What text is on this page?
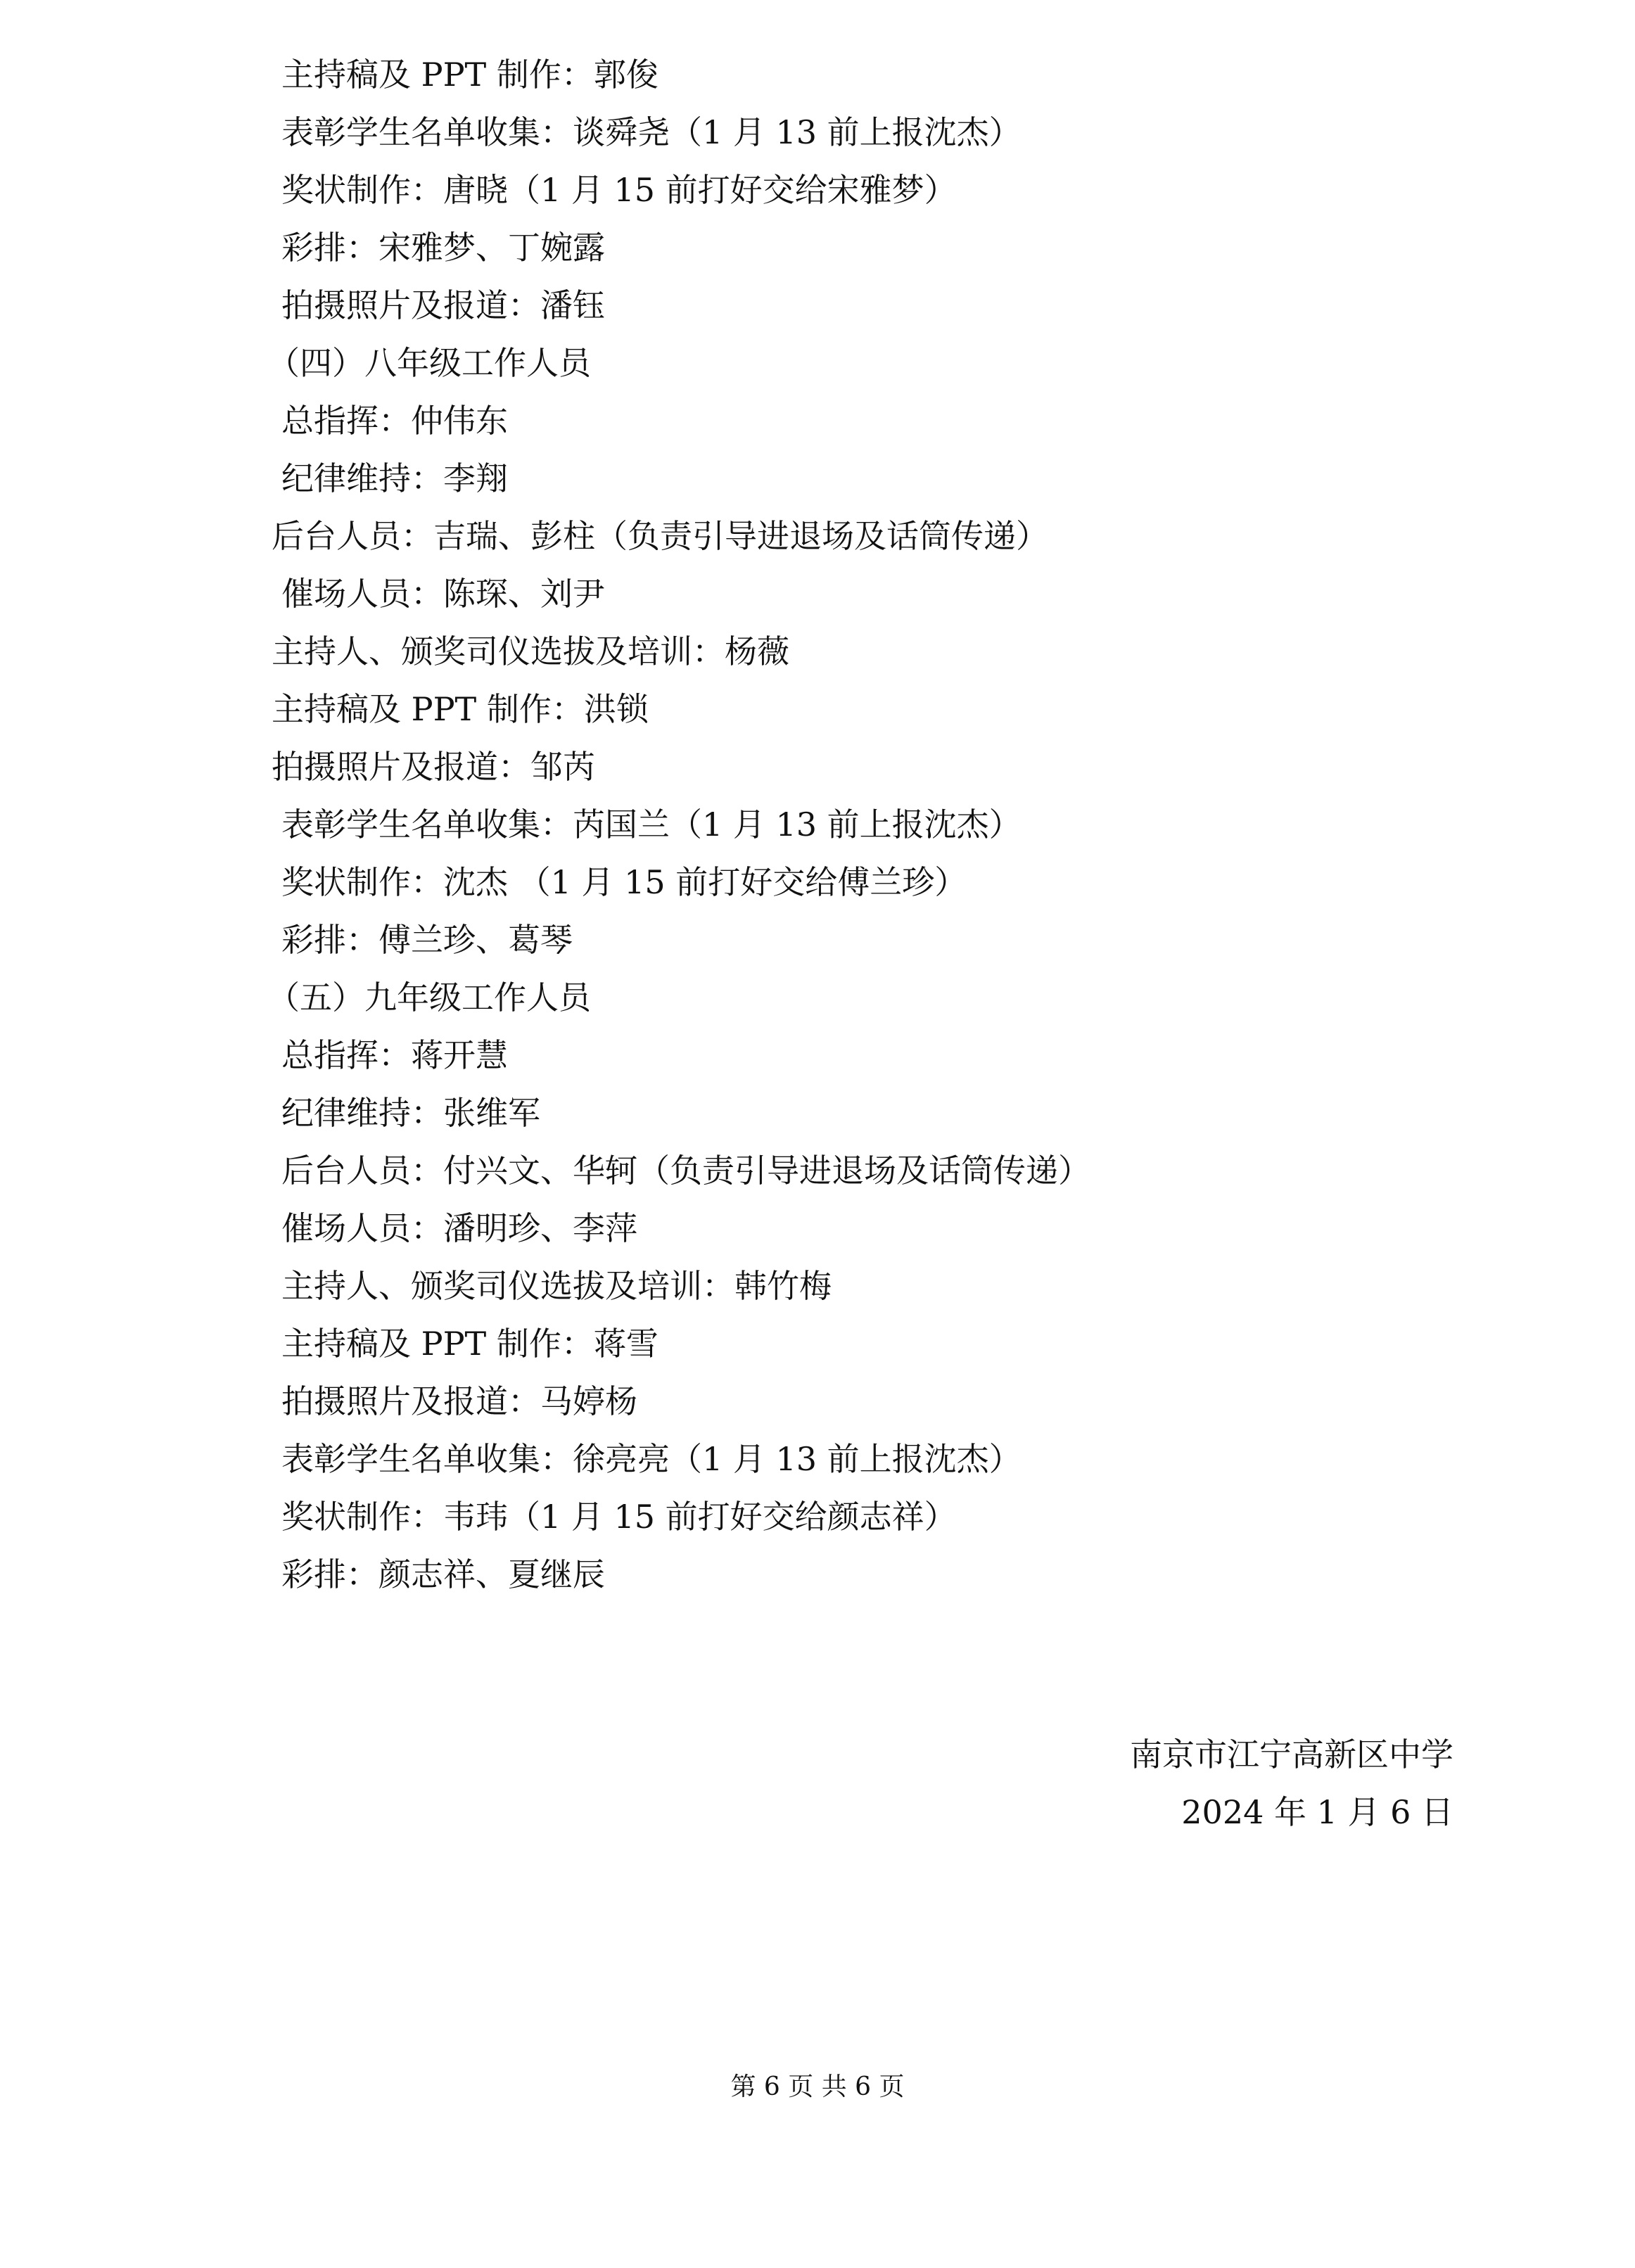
主持稿及 PPT 制作：郭俊
表彰学生名单收集：谈舜尧（1 月 13 前上报沈杰）
奖状制作：唐晓（1 月 15 前打好交给宋雅梦）
彩排：宋雅梦、丁婉露
拍摄照片及报道：潘钰
（四）八年级工作人员
总指挥：仲伟东
纪律维持：李翔
后台人员：吉瑞、彭柱（负责引导进退场及话筒传递）
催场人员：陈琛、刘尹
主持人、颁奖司仪选拔及培训：杨薇
主持稿及 PPT 制作：洪锁
拍摄照片及报道：邹芮
表彰学生名单收集：芮国兰（1 月 13 前上报沈杰）
奖状制作：沈杰 （1 月 15 前打好交给傅兰珍）
彩排：傅兰珍、葛琴
（五）九年级工作人员
总指挥：蒋开慧
纪律维持：张维军
后台人员：付兴文、华轲（负责引导进退场及话筒传递）
催场人员：潘明珍、李萍
主持人、颁奖司仪选拔及培训：韩竹梅
主持稿及 PPT 制作：蒋雪
拍摄照片及报道：马婷杨
表彰学生名单收集：徐亮亮（1 月 13 前上报沈杰）
奖状制作：韦玮（1 月 15 前打好交给颜志祥）
彩排：颜志祥、夏继辰
南京市江宁高新区中学
2024 年 1 月 6 日
第 6 页 共 6 页
